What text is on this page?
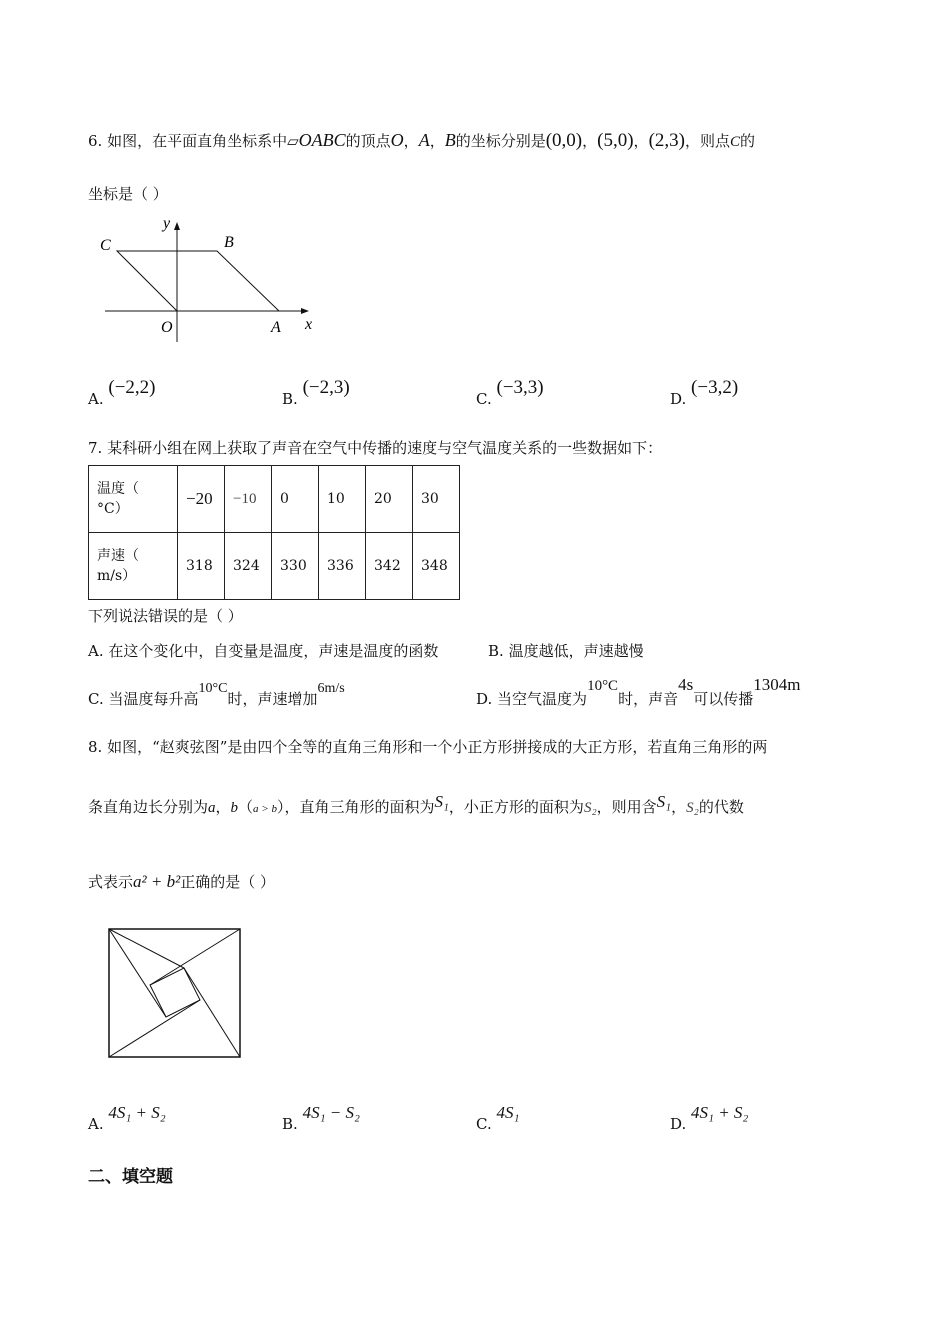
6. 如图，在平面直角坐标系中▱OABC的顶点O，A，B的坐标分别是(0,0)，(5,0)，(2,3)，则点C的
坐标是（ ）
y
x
C	B
O	A
A. (−2,2)
B. (−2,3)
C. (−3,3)
D. (−3,2)
7. 某科研小组在网上获取了声音在空气中传播的速度与空气温度关系的一些数据如下：
温度（
°C）	−20	−10	0	10	20	30
声速（
m/s）	318	324	330	336	342	348
下列说法错误的是（ ）
A. 在这个变化中，自变量是温度，声速是温度的函数	B. 温度越低，声速越慢
C. 当温度每升高10°C时，声速增加6m/s
D. 当空气温度为10°C时，声音4s可以传播1304m
8. 如图，“赵爽弦图”是由四个全等的直角三角形和一个小正方形拼接成的大正方形，若直角三角形的两
条直角边长分别为a，b（a > b），直角三角形的面积为S₁，小正方形的面积为S₂，则用含S₁，S₂的代数
式表示a² + b²正确的是（ ）
A. 4S₁ + S₂
B. 4S₁ − S₂
C. 4S₁
D. 4S₁ + S₂
二、填空题
